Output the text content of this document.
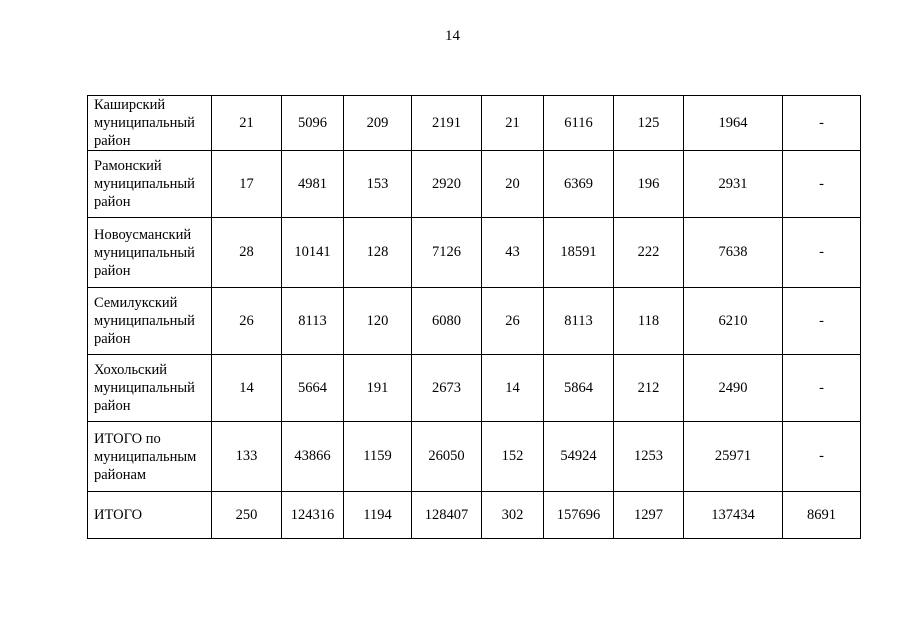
14
Каширский
муниципальный
район	21	5096	209	2191	21	6116	125	1964	-

Рамонский
муниципальный
район	17	4981	153	2920	20	6369	196	2931	-

Новоусманский
муниципальный
район	28	10141	128	7126	43	18591	222	7638	-

Семилукский
муниципальный
район	26	8113	120	6080	26	8113	118	6210	-

Хохольский
муниципальный
район	14	5664	191	2673	14	5864	212	2490	-

ИТОГО по
муниципальным
районам	133	43866	1159	26050	152	54924	1253	25971	-

ИТОГО	250	124316	1194	128407	302	157696	1297	137434	8691
